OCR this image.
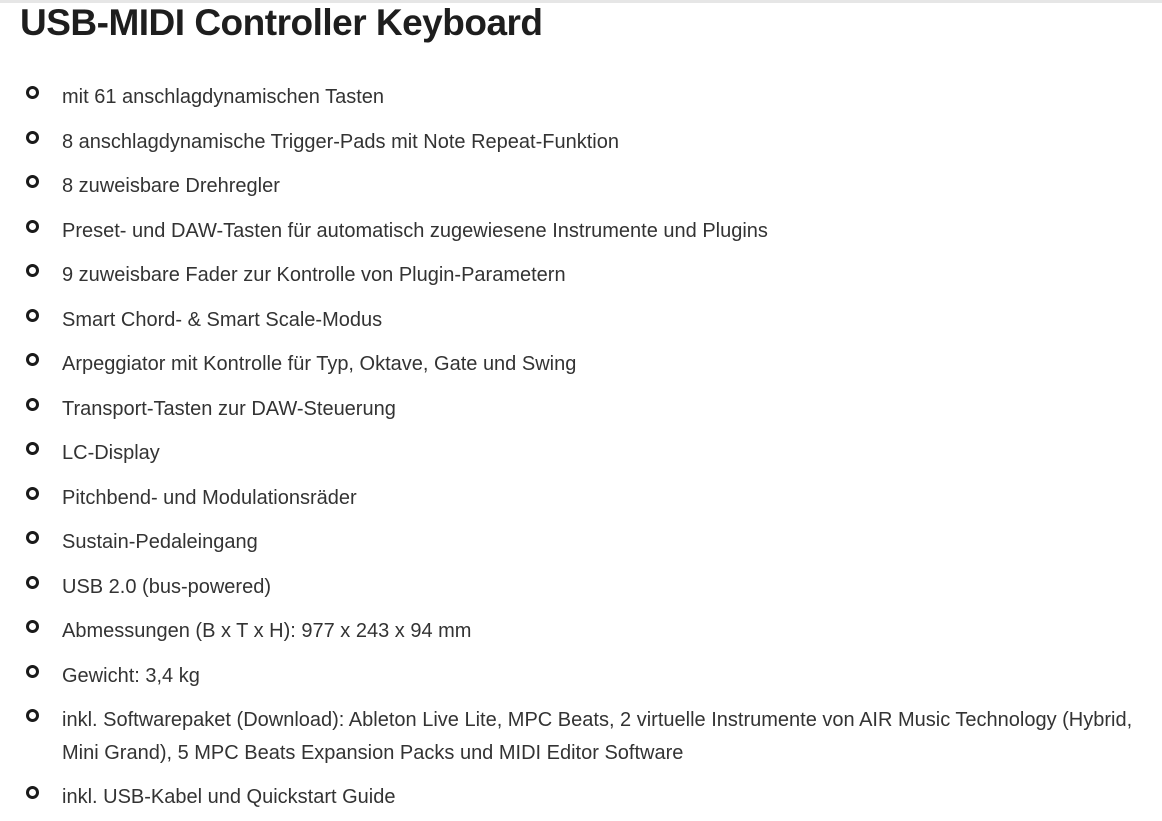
USB-MIDI Controller Keyboard
mit 61 anschlagdynamischen Tasten
8 anschlagdynamische Trigger-Pads mit Note Repeat-Funktion
8 zuweisbare Drehregler
Preset- und DAW-Tasten für automatisch zugewiesene Instrumente und Plugins
9 zuweisbare Fader zur Kontrolle von Plugin-Parametern
Smart Chord- & Smart Scale-Modus
Arpeggiator mit Kontrolle für Typ, Oktave, Gate und Swing
Transport-Tasten zur DAW-Steuerung
LC-Display
Pitchbend- und Modulationsräder
Sustain-Pedaleingang
USB 2.0 (bus-powered)
Abmessungen (B x T x H): 977 x 243 x 94 mm
Gewicht: 3,4 kg
inkl. Softwarepaket (Download): Ableton Live Lite, MPC Beats, 2 virtuelle Instrumente von AIR Music Technology (Hybrid, Mini Grand), 5 MPC Beats Expansion Packs und MIDI Editor Software
inkl. USB-Kabel und Quickstart Guide
